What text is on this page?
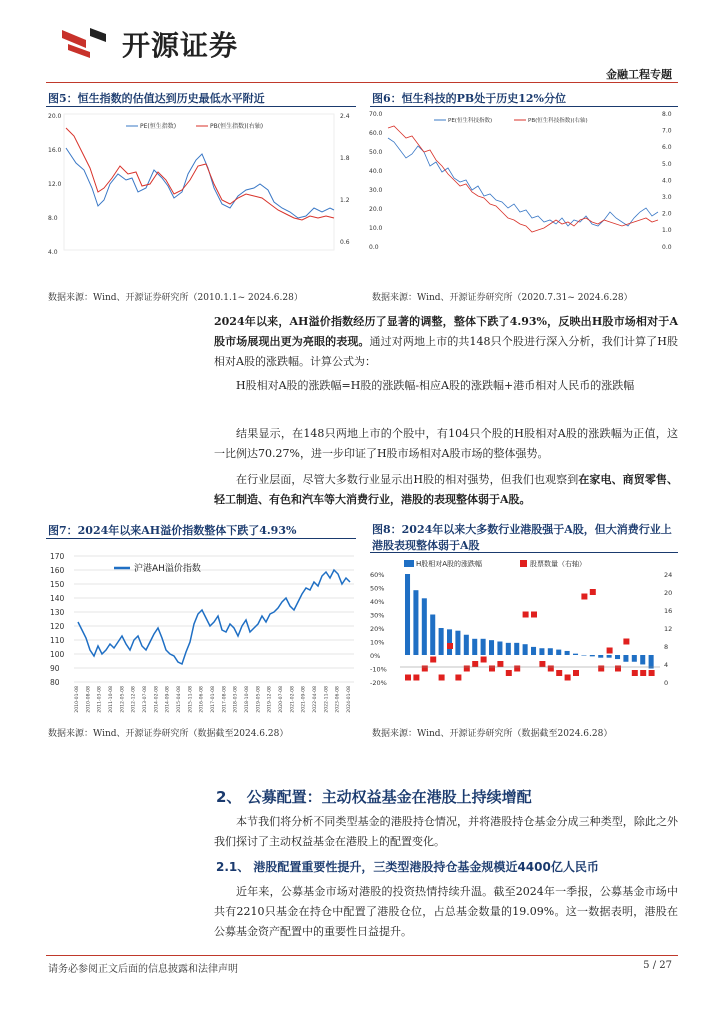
开源证券
金融工程专题
图5：恒生指数的估值达到历史最低水平附近
20.0
16.0
12.0
8.0
4.0
2.4
1.8
1.2
0.6
PE(恒生指数)	PB(恒生指数)(右轴)
数据来源：Wind、开源证券研究所（2010.1.1~ 2024.6.28）
图6：恒生科技的PB处于历史12%分位
70.0
60.0
50.0
40.0
30.0
20.0
10.0
0.0
8.0
7.0
6.0
5.0
4.0
3.0
2.0
1.0
0.0
PE(恒生科技指数)	PB(恒生科技指数)(右轴)
数据来源：Wind、开源证券研究所（2020.7.31~ 2024.6.28）
2024年以来，AH溢价指数经历了显著的调整，整体下跌了4.93%，反映出H股市场相对于A股市场展现出更为亮眼的表现。通过对两地上市的共148只个股进行深入分析，我们计算了H股相对A股的涨跌幅。计算公式为：
H股相对A股的涨跌幅=H股的涨跌幅-相应A股的涨跌幅+港币相对人民币的涨跌幅
结果显示，在148只两地上市的个股中，有104只个股的H股相对A股的涨跌幅为正值，这一比例达70.27%，进一步印证了H股市场相对A股市场的整体强势。
在行业层面，尽管大多数行业显示出H股的相对强势，但我们也观察到在家电、商贸零售、轻工制造、有色和汽车等大消费行业，港股的表现整体弱于A股。
图7：2024年以来AH溢价指数整体下跌了4.93%
170
160
150
140
130
120
110
100
90
80
沪港AH溢价指数
2010-01-08 2010-08-08 2011-03-08 2011-10-08 2012-05-08 2012-12-08 2013-07-08 2014-02-08 2014-09-08 2015-04-08 2015-11-08 2016-06-08 2017-01-08 2017-08-08 2018-03-08 2018-10-08 2019-05-08 2019-12-08 2020-07-08 2021-02-08 2021-09-08 2022-04-08 2022-11-08 2023-06-08 2024-01-08
数据来源：Wind、开源证券研究所（数据截至2024.6.28）
图8：2024年以来大多数行业港股强于A股，但大消费行业上港股表现整体弱于A股
60%
50%
40%
30%
20%
10%
0%
-10%
-20%
24
20
16
12
8
4
0
H股相对A股的涨跌幅	股票数量（右轴）
数据来源：Wind、开源证券研究所（数据截至2024.6.28）
2、 公募配置：主动权益基金在港股上持续增配
本节我们将分析不同类型基金的港股持仓情况，并将港股持仓基金分成三种类型，除此之外我们探讨了主动权益基金在港股上的配置变化。
2.1、 港股配置重要性提升，三类型港股持仓基金规模近4400亿人民币
近年来，公募基金市场对港股的投资热情持续升温。截至2024年一季报，公募基金市场中共有2210只基金在持仓中配置了港股仓位，占总基金数量的19.09%。这一数据表明，港股在公募基金资产配置中的重要性日益提升。
请务必参阅正文后面的信息披露和法律声明	5 / 27
